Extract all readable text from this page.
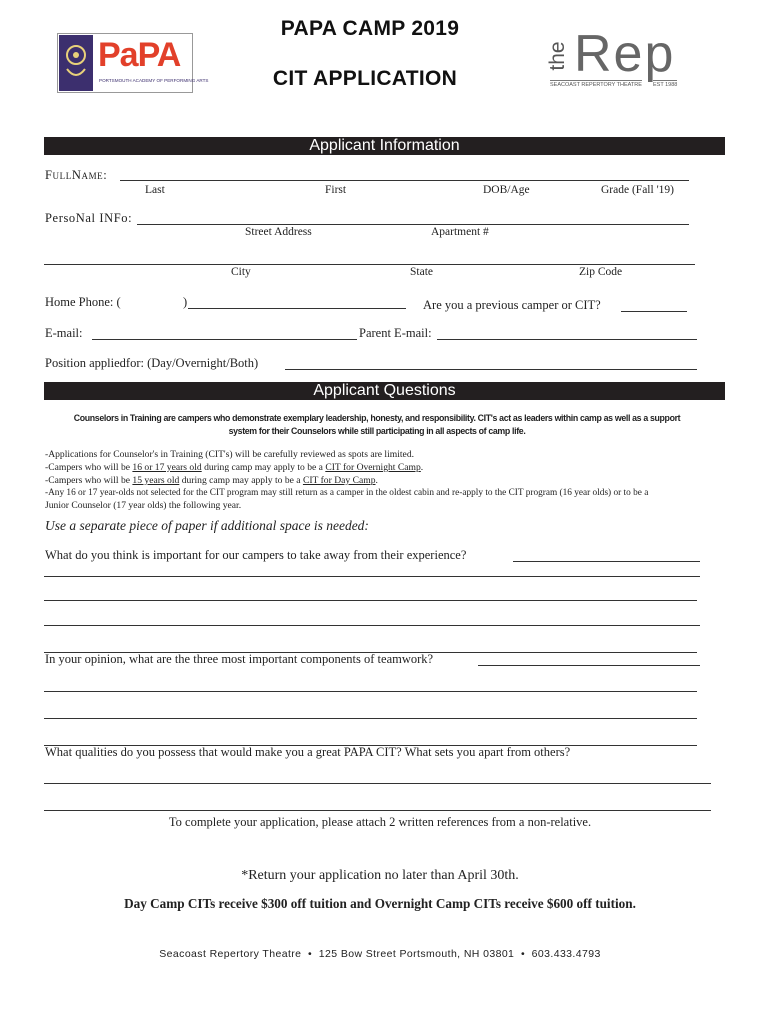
PaPA
PORTSMOUTH ACADEMY OF PERFORMING ARTS
the Rep
SEACOAST REPERTORY THEATRE EST 1988
PAPA CAMP 2019
CIT APPLICATION
Applicant Information
FullName:
Last	First	DOB/Age	Grade (Fall '19)
PersoNal INFo:
Street Address	Apartment #
City	State	Zip Code
Home Phone: (	)	Are you a previous camper or CIT?
E-mail:	Parent E-mail:
Position appliedfor: (Day/Overnight/Both)
Applicant Questions
Counselors in Training are campers who demonstrate exemplary leadership, honesty, and responsibility. CIT's act as leaders within camp as well as a support
system for their Counselors while still participating in all aspects of camp life.
-Applications for Counselor's in Training (CIT's) will be carefully reviewed as spots are limited.
-Campers who will be 16 or 17 years old during camp may apply to be a CIT for Overnight Camp.
-Campers who will be 15 years old during camp may apply to be a CIT for Day Camp.
-Any 16 or 17 year-olds not selected for the CIT program may still return as a camper in the oldest cabin and re-apply to the CIT program (16 year olds) or to be a
Junior Counselor (17 year olds) the following year.
Use a separate piece of paper if additional space is needed:
What do you think is important for our campers to take away from their experience?
In your opinion, what are the three most important components of teamwork?
What qualities do you possess that would make you a great PAPA CIT? What sets you apart from others?
To complete your application, please attach 2 written references from a non-relative.
*Return your application no later than April 30th.
Day Camp CITs receive $300 off tuition and Overnight Camp CITs receive $600 off tuition.
Seacoast Repertory Theatre  •  125 Bow Street Portsmouth, NH 03801  •  603.433.4793
